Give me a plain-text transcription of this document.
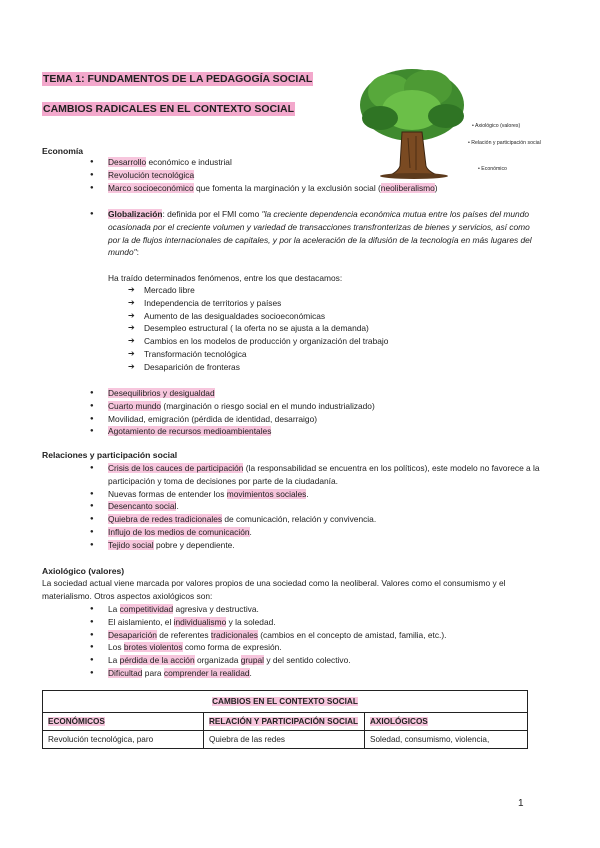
TEMA 1: FUNDAMENTOS DE LA PEDAGOGÍA SOCIAL
CAMBIOS RADICALES EN EL CONTEXTO SOCIAL
• Axiológico (valores)
• Relación y participación social
• Económico
Economía
● Desarrollo económico e industrial
● Revolución tecnológica
● Marco socioeconómico que fomenta la marginación y la exclusión social (neoliberalismo)
● Globalización: definida por el FMI como "la creciente dependencia económica mutua entre los países del mundo ocasionada por el creciente volumen y variedad de transacciones transfronterizas de bienes y servicios, así como por la de flujos internacionales de capitales, y por la aceleración de la difusión de la tecnología en más lugares del mundo":
Ha traído determinados fenómenos, entre los que destacamos:
➔ Mercado libre
➔ Independencia de territorios y países
➔ Aumento de las desigualdades socioeconómicas
➔ Desempleo estructural ( la oferta no se ajusta a la demanda)
➔ Cambios en los modelos de producción y organización del trabajo
➔ Transformación tecnológica
➔ Desaparición de fronteras
● Desequilibrios y desigualdad
● Cuarto mundo (marginación o riesgo social en el mundo industrializado)
● Movilidad, emigración (pérdida de identidad, desarraigo)
● Agotamiento de recursos medioambientales
Relaciones y participación social
● Crisis de los cauces de participación (la responsabilidad se encuentra en los políticos), este modelo no favorece a la participación y toma de decisiones por parte de la ciudadanía.
● Nuevas formas de entender los movimientos sociales.
● Desencanto social.
● Quiebra de redes tradicionales de comunicación, relación y convivencia.
● Influjo de los medios de comunicación.
● Tejido social pobre y dependiente.
Axiológico (valores)
La sociedad actual viene marcada por valores propios de una sociedad como la neoliberal. Valores como el consumismo y el materialismo. Otros aspectos axiológicos son:
● La competitividad agresiva y destructiva.
● El aislamiento, el individualismo y la soledad.
● Desaparición de referentes tradicionales (cambios en el concepto de amistad, familia, etc.).
● Los brotes violentos como forma de expresión.
● La pérdida de la acción organizada grupal y del sentido colectivo.
● Dificultad para comprender la realidad.
CAMBIOS EN EL CONTEXTO SOCIAL		
ECONÓMICOS	RELACIÓN Y PARTICIPACIÓN SOCIAL	AXIOLÓGICOS
Revolución tecnológica, paro	Quiebra de las redes	Soledad, consumismo, violencia,
1
